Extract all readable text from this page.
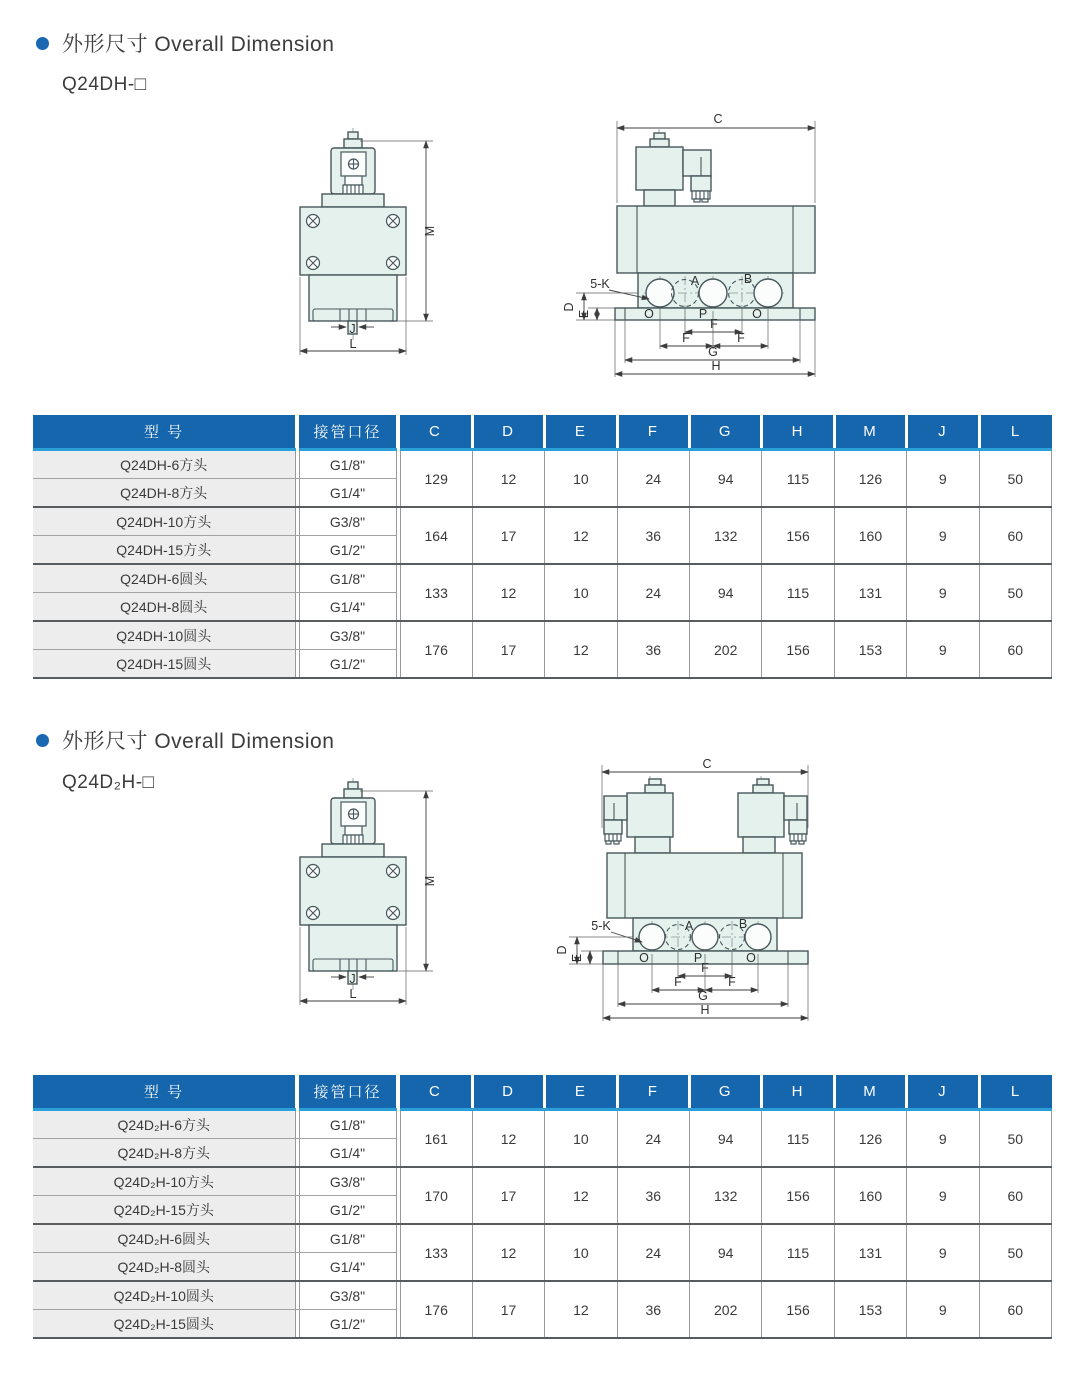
外形尺寸 Overall Dimension
Q24DH-□
M
L
J
C
A	B
O	P	O
5-K
D
E
F
F	F
G
H
型 号		接管口径		C	D	E	F	G	H	M	J	L
Q24DH-6方头		G1/8"		129	12	10	24	94	115	126	9	50
Q24DH-8方头		G1/4"										
Q24DH-10方头		G3/8"		164	17	12	36	132	156	160	9	60
Q24DH-15方头		G1/2"										
Q24DH-6圆头		G1/8"		133	12	10	24	94	115	131	9	50
Q24DH-8圆头		G1/4"										
Q24DH-10圆头		G3/8"		176	17	12	36	202	156	153	9	60
Q24DH-15圆头		G1/2"										
外形尺寸 Overall Dimension
Q24D₂H-□
M
L
J
C
A	B
O	P	O
5-K
D
E
F
F	F
G
H
型 号		接管口径		C	D	E	F	G	H	M	J	L
Q24D₂H-6方头		G1/8"		161	12	10	24	94	115	126	9	50
Q24D₂H-8方头		G1/4"										
Q24D₂H-10方头		G3/8"		170	17	12	36	132	156	160	9	60
Q24D₂H-15方头		G1/2"										
Q24D₂H-6圆头		G1/8"		133	12	10	24	94	115	131	9	50
Q24D₂H-8圆头		G1/4"										
Q24D₂H-10圆头		G3/8"		176	17	12	36	202	156	153	9	60
Q24D₂H-15圆头		G1/2"										
